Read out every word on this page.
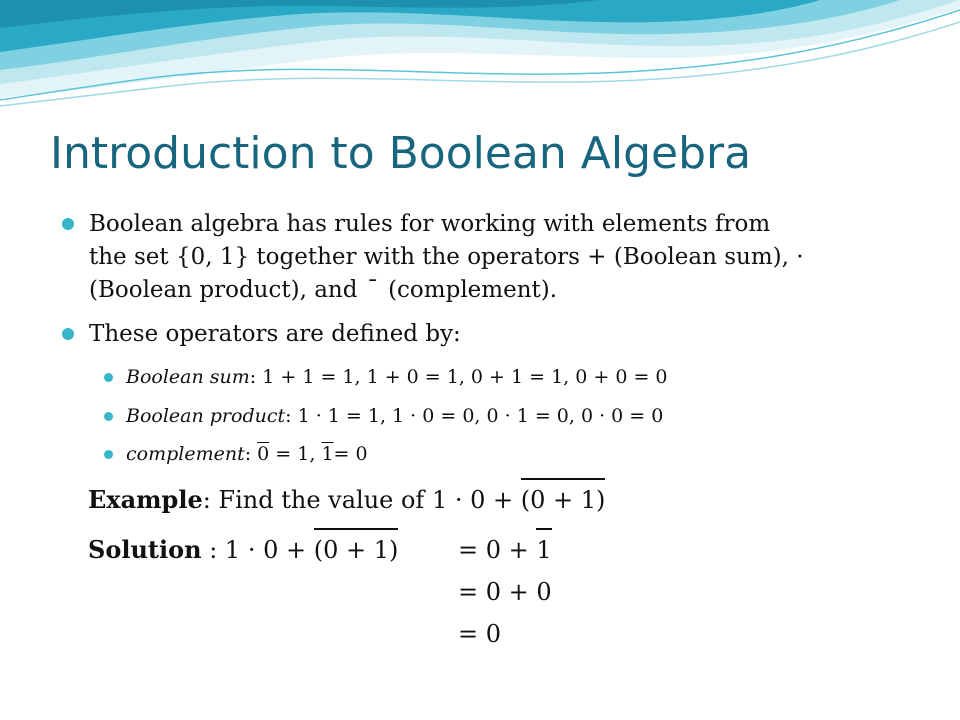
Introduction to Boolean Algebra
Boolean algebra has rules for working with elements from
the set {0, 1} together with the operators + (Boolean sum), ·
(Boolean product), and ¯ (complement).
These operators are defined by:
Boolean sum: 1 + 1 = 1, 1 + 0 = 1, 0 + 1 = 1, 0 + 0 = 0
Boolean product: 1 · 1 = 1, 1 · 0 = 0, 0 · 1 = 0, 0 · 0 = 0
complement: 0 = 1, 1= 0
Example: Find the value of 1 · 0 + (0 + 1)
Solution : 1 · 0 + (0 + 1) = 0 + 1
= 0 + 0
= 0
